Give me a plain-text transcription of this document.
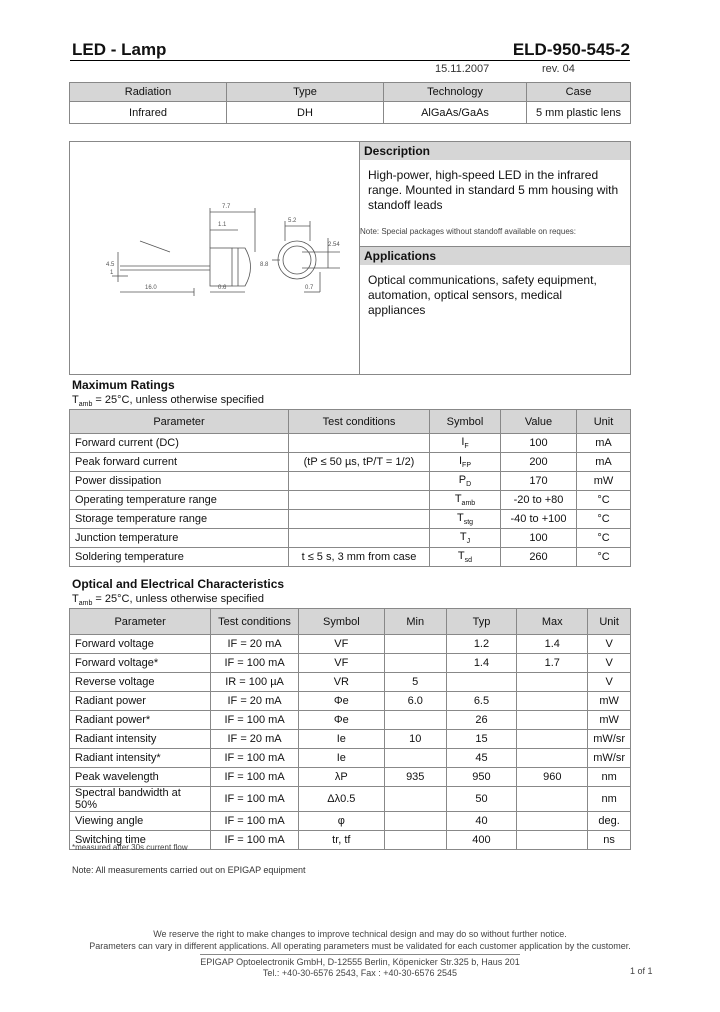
LED - Lamp	ELD-950-545-2
15.11.2007	rev. 04
Radiation	Type	Technology	Case
Infrared	DH	AlGaAs/GaAs	5 mm plastic lens
7.7
1.1
5.2
8.8
2.54
16.0	0.6	0.7
4.5
1
Description
High-power, high-speed LED in the infrared range. Mounted in standard 5 mm housing with standoff leads
Note: Special packages without standoff available on reques:
Applications
Optical communications, safety equipment, automation, optical sensors, medical appliances
Maximum Ratings
$T_{amb} = 25^\circ C$, unless otherwise specified
Parameter	Test conditions	Symbol	Value	Unit
Forward current (DC)		$I_F$	100	mA
Peak forward current	(tP ≤ 50 µs, tP/T = 1/2)	$I_{FP}$	200	mA
Power dissipation		$P_D$	170	mW
Operating temperature range		$T_{amb}$	-20 to +80	°C
Storage temperature range		$T_{stg}$	-40 to +100	°C
Junction temperature		$T_J$	100	°C
Soldering temperature	t ≤ 5 s, 3 mm from case	$T_{sd}$	260	°C
Optical and Electrical Characteristics
$T_{amb} = 25^\circ C$, unless otherwise specified
Parameter	Test conditions	Symbol	Min	Typ	Max	Unit
Forward voltage	IF = 20 mA	VF		1.2	1.4	V
Forward voltage*	IF = 100 mA	VF		1.4	1.7	V
Reverse voltage	IR = 100 µA	VR	5			V
Radiant power	IF = 20 mA	Φe	6.0	6.5		mW
Radiant power*	IF = 100 mA	Φe		26		mW
Radiant intensity	IF = 20 mA	Ie	10	15		mW/sr
Radiant intensity*	IF = 100 mA	Ie		45		mW/sr
Peak wavelength	IF = 100 mA	λP	935	950	960	nm
Spectral bandwidth at 50%	IF = 100 mA	Δλ0.5		50		nm
Viewing angle	IF = 100 mA	φ		40		deg.
Switching time	IF = 100 mA	tr, tf		400		ns
*measured after 30s current flow
Note: All measurements carried out on EPIGAP equipment
We reserve the right to make changes to improve technical design and may do so without further notice.
Parameters can vary in different applications. All operating parameters must be validated for each customer application by the customer.
EPIGAP Optoelectronik GmbH, D-12555 Berlin, Köpenicker Str.325 b, Haus 201
Tel.: +40-30-6576 2543, Fax : +40-30-6576 2545	1 of 1
